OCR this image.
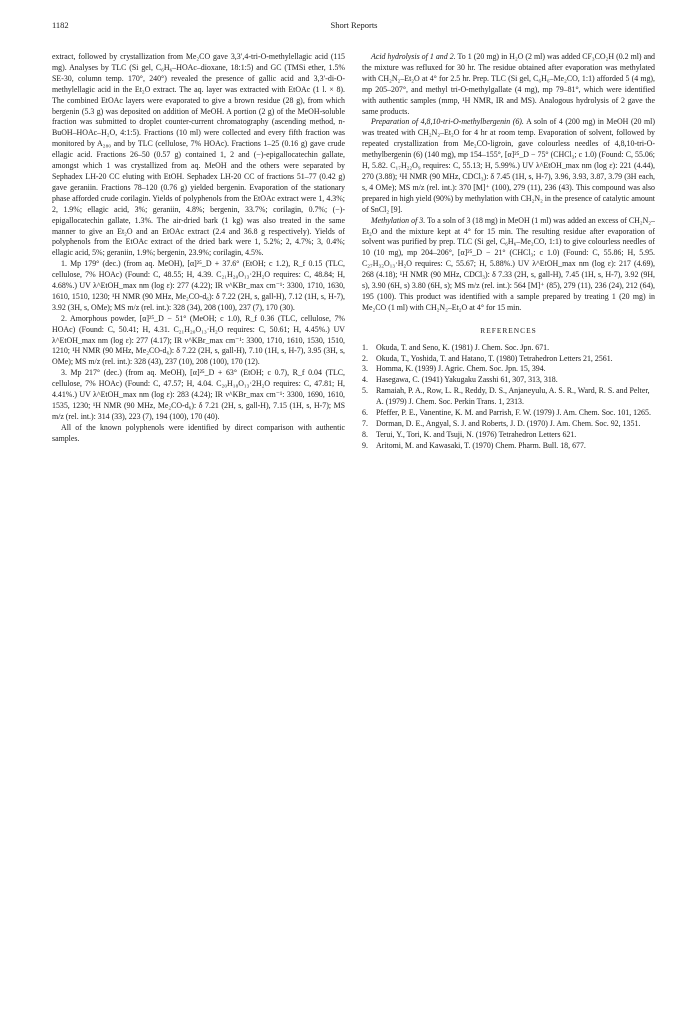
1182	Short Reports

extract, followed by crystallization from Me₂CO gave 3,3′,4-tri-O-methylellagic acid (115 mg). Analyses by TLC (Si gel, C₆H₆–HOAc–dioxane, 18:1:5) and GC (TMSi ether, 1.5% SE-30, column temp. 170°, 240°) revealed the presence of gallic acid and 3,3′-di-O-methylellagic acid in the Et₂O extract. The aq. layer was extracted with EtOAc (1 l. × 8). The combined EtOAc layers were evaporated to give a brown residue (28 g), from which bergenin (5.3 g) was deposited on addition of MeOH. A portion (2 g) of the MeOH-soluble fraction was submitted to droplet counter-current chromatography (ascending method, n-BuOH–HOAc–H₂O, 4:1:5). Fractions (10 ml) were collected and every fifth fraction was monitored by A₂₈₀ and by TLC (cellulose, 7% HOAc). Fractions 1–25 (0.16 g) gave crude ellagic acid. Fractions 26–50 (0.57 g) contained 1, 2 and (−)-epigallocatechin gallate, amongst which 1 was crystallized from aq. MeOH and the others were separated by Sephadex LH-20 CC eluting with EtOH. Sephadex LH-20 CC of fractions 51–77 (0.42 g) gave geraniin. Fractions 78–120 (0.76 g) yielded bergenin. Evaporation of the stationary phase afforded crude corilagin. Yields of polyphenols from the EtOAc extract were 1, 4.3%; 2, 1.9%; ellagic acid, 3%; geraniin, 4.8%; bergenin, 33.7%; corilagin, 0.7%; (−)-epigallocatechin gallate, 1.3%. The air-dried bark (1 kg) was also treated in the same manner to give an Et₂O and an EtOAc extract (2.4 and 36.8 g respectively). Yields of polyphenols from the EtOAc extract of the dried bark were 1, 5.2%; 2, 4.7%; 3, 0.4%; ellagic acid, 5%; geraniin, 1.9%; bergenin, 23.9%; corilagin, 4.5%.

1. Mp 179° (dec.) (from aq. MeOH), [α]²⁵_D + 37.6° (EtOH; c 1.2), R_f 0.15 (TLC, cellulose, 7% HOAc) (Found: C, 48.55; H, 4.39. C₂₁H₂₀O₁₃·2H₂O requires: C, 48.84; H, 4.68%.) UV λ^EtOH_max nm (log ε): 277 (4.22); IR ν^KBr_max cm⁻¹: 3300, 1710, 1630, 1610, 1510, 1230; ¹H NMR (90 MHz, Me₂CO-d₆): δ 7.22 (2H, s, gall-H), 7.12 (1H, s, H-7), 3.92 (3H, s, OMe); MS m/z (rel. int.): 328 (34), 208 (100), 237 (7), 170 (30).

2. Amorphous powder, [α]²⁵_D − 51° (MeOH; c 1.0), R_f 0.36 (TLC, cellulose, 7% HOAc) (Found: C, 50.41; H, 4.31. C₂₁H₂₀O₁₃·H₂O requires: C, 50.61; H, 4.45%.) UV λ^EtOH_max nm (log ε): 277 (4.17); IR ν^KBr_max cm⁻¹: 3300, 1710, 1610, 1530, 1510, 1210; ¹H NMR (90 MHz, Me₂CO-d₆): δ 7.22 (2H, s, gall-H), 7.10 (1H, s, H-7), 3.95 (3H, s, OMe); MS m/z (rel. int.): 328 (43), 237 (10), 208 (100), 170 (12).

3. Mp 217° (dec.) (from aq. MeOH), [α]²⁵_D + 63° (EtOH; c 0.7), R_f 0.04 (TLC, cellulose, 7% HOAc) (Found: C, 47.57; H, 4.04. C₂₀H₁₈O₁₃·2H₂O requires: C, 47.81; H, 4.41%.) UV λ^EtOH_max nm (log ε): 283 (4.24); IR ν^KBr_max cm⁻¹: 3300, 1690, 1610, 1535, 1230; ¹H NMR (90 MHz, Me₂CO-d₆): δ 7.21 (2H, s, gall-H), 7.15 (1H, s, H-7); MS m/z (rel. int.): 314 (33), 223 (7), 194 (100), 170 (40).

All of the known polyphenols were identified by direct comparison with authentic samples.

Acid hydrolysis of 1 and 2. To 1 (20 mg) in H₂O (2 ml) was added CF₃CO₂H (0.2 ml) and the mixture was refluxed for 30 hr. The residue obtained after evaporation was methylated with CH₂N₂–Et₂O at 4° for 2.5 hr. Prep. TLC (Si gel, C₆H₆–Me₂CO, 1:1) afforded 5 (4 mg), mp 205–207°, and methyl tri-O-methylgallate (4 mg), mp 79–81°, which were identified with authentic samples (mmp, ¹H NMR, IR and MS). Analogous hydrolysis of 2 gave the same products.

Preparation of 4,8,10-tri-O-methylbergenin (6). A soln of 4 (200 mg) in MeOH (20 ml) was treated with CH₂N₂–Et₂O for 4 hr at room temp. Evaporation of solvent, followed by repeated crystallization from Me₂CO-ligroin, gave colourless needles of 4,8,10-tri-O-methylbergenin (6) (140 mg), mp 154–155°, [α]²⁵_D − 75° (CHCl₃; c 1.0) (Found: C, 55.06; H, 5.82. C₁₇H₂₂O₉ requires: C, 55.13; H, 5.99%.) UV λ^EtOH_max nm (log ε): 221 (4.44), 270 (3.88); ¹H NMR (90 MHz, CDCl₃): δ 7.45 (1H, s, H-7), 3.96, 3.93, 3.87, 3.79 (3H each, s, 4 OMe); MS m/z (rel. int.): 370 [M]⁺ (100), 279 (11), 236 (43). This compound was also prepared in high yield (90%) by methylation with CH₂N₂ in the presence of catalytic amount of SnCl₂ [9].

Methylation of 3. To a soln of 3 (18 mg) in MeOH (1 ml) was added an excess of CH₂N₂–Et₂O and the mixture kept at 4° for 15 min. The resulting residue after evaporation of solvent was purified by prep. TLC (Si gel, C₆H₆–Me₂CO, 1:1) to give colourless needles of 10 (10 mg), mp 204–206°, [α]²⁵_D − 21° (CHCl₃; c 1.0) (Found: C, 55.86; H, 5.95. C₂₇H₃₂O₁₃·H₂O requires: C, 55.67; H, 5.88%.) UV λ^EtOH_max nm (log ε): 217 (4.69), 268 (4.18); ¹H NMR (90 MHz, CDCl₃): δ 7.33 (2H, s, gall-H), 7.45 (1H, s, H-7), 3.92 (9H, s), 3.90 (6H, s) 3.80 (6H, s); MS m/z (rel. int.): 564 [M]⁺ (85), 279 (11), 236 (24), 212 (64), 195 (100). This product was identified with a sample prepared by treating 1 (20 mg) in Me₂CO (1 ml) with CH₂N₂–Et₂O at 4° for 15 min.

REFERENCES
1. Okuda, T. and Seno, K. (1981) J. Chem. Soc. Jpn. 671.
2. Okuda, T., Yoshida, T. and Hatano, T. (1980) Tetrahedron Letters 21, 2561.
3. Homma, K. (1939) J. Agric. Chem. Soc. Jpn. 15, 394.
4. Hasegawa, C. (1941) Yakugaku Zasshi 61, 307, 313, 318.
5. Ramaiah, P. A., Row, L. R., Reddy, D. S., Anjaneyulu, A. S. R., Ward, R. S. and Pelter, A. (1979) J. Chem. Soc. Perkin Trans. 1, 2313.
6. Pfeffer, P. E., Vanentine, K. M. and Parrish, F. W. (1979) J. Am. Chem. Soc. 101, 1265.
7. Dorman, D. E., Angyal, S. J. and Roberts, J. D. (1970) J. Am. Chem. Soc. 92, 1351.
8. Terui, Y., Tori, K. and Tsuji, N. (1976) Tetrahedron Letters 621.
9. Aritomi, M. and Kawasaki, T. (1970) Chem. Pharm. Bull. 18, 677.
